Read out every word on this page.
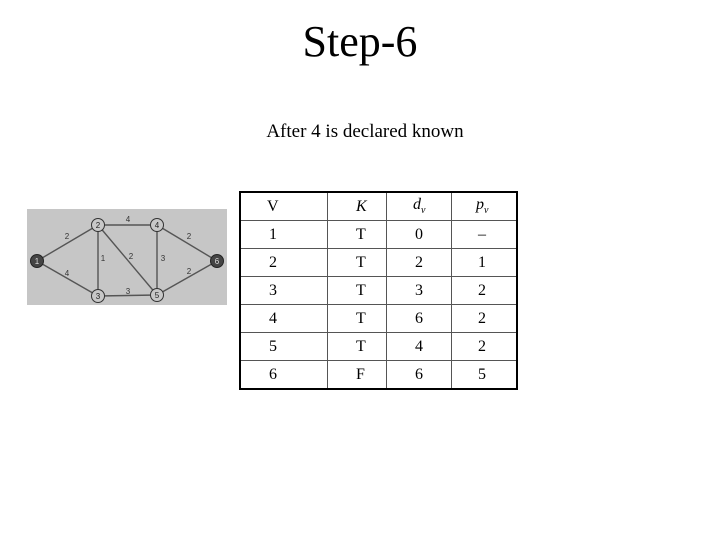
Step-6
After 4 is declared known
1
2
3
4
5
6
2
4
1
4
2
3
3
2
2
V	K	$d_v$	$p_v$
1	T	0	–
2	T	2	1
3	T	3	2
4	T	6	2
5	T	4	2
6	F	6	5
